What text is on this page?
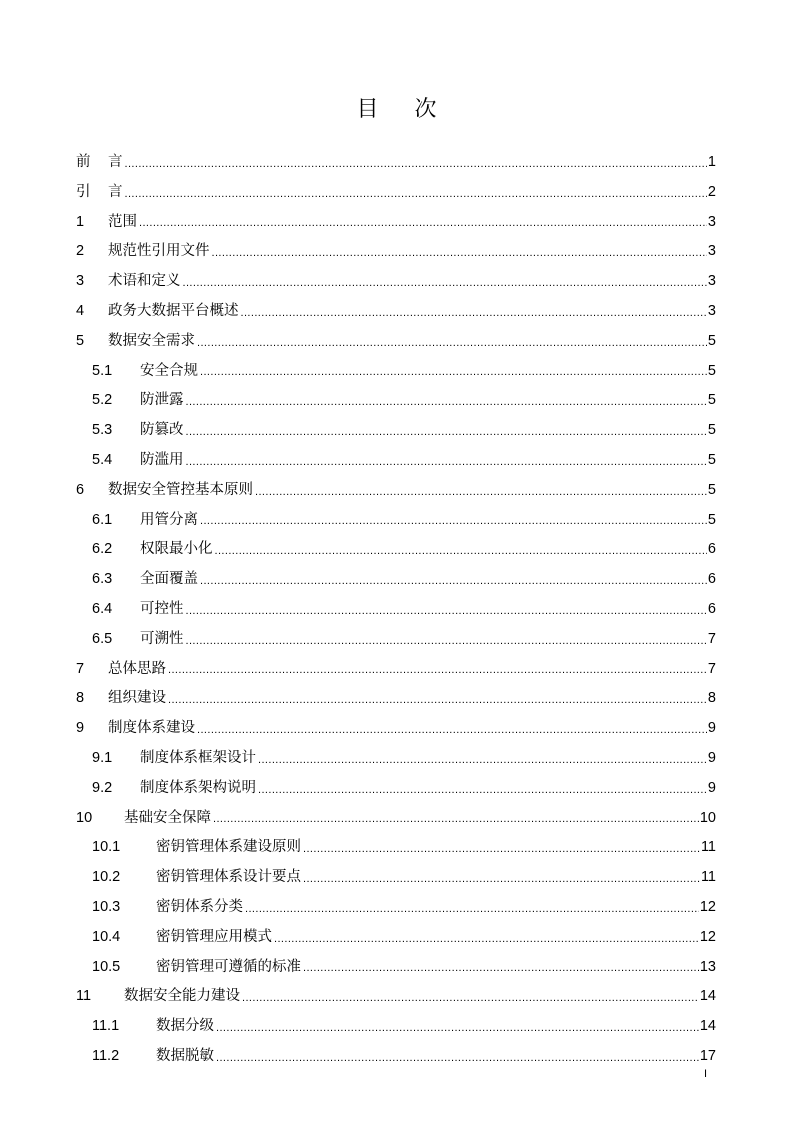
目 次
前	言 .....	1
引	言 .....	2
1	范围 .....	3
2	规范性引用文件 .....	3
3	术语和定义 .....	3
4	政务大数据平台概述 .....	3
5	数据安全需求 .....	5
5.1	安全合规 .....	5
5.2	防泄露 .....	5
5.3	防篡改 .....	5
5.4	防滥用 .....	5
6	数据安全管控基本原则 .....	5
6.1	用管分离 .....	5
6.2	权限最小化 .....	6
6.3	全面覆盖 .....	6
6.4	可控性 .....	6
6.5	可溯性 .....	7
7	总体思路 .....	7
8	组织建设 .....	8
9	制度体系建设 .....	9
9.1	制度体系框架设计 .....	9
9.2	制度体系架构说明 .....	9
10	基础安全保障 .....	10
10.1	密钥管理体系建设原则 .....	11
10.2	密钥管理体系设计要点 .....	11
10.3	密钥体系分类 .....	12
10.4	密钥管理应用模式 .....	12
10.5	密钥管理可遵循的标准 .....	13
11	数据安全能力建设 .....	14
11.1	数据分级 .....	14
11.2	数据脱敏 .....	17
I
